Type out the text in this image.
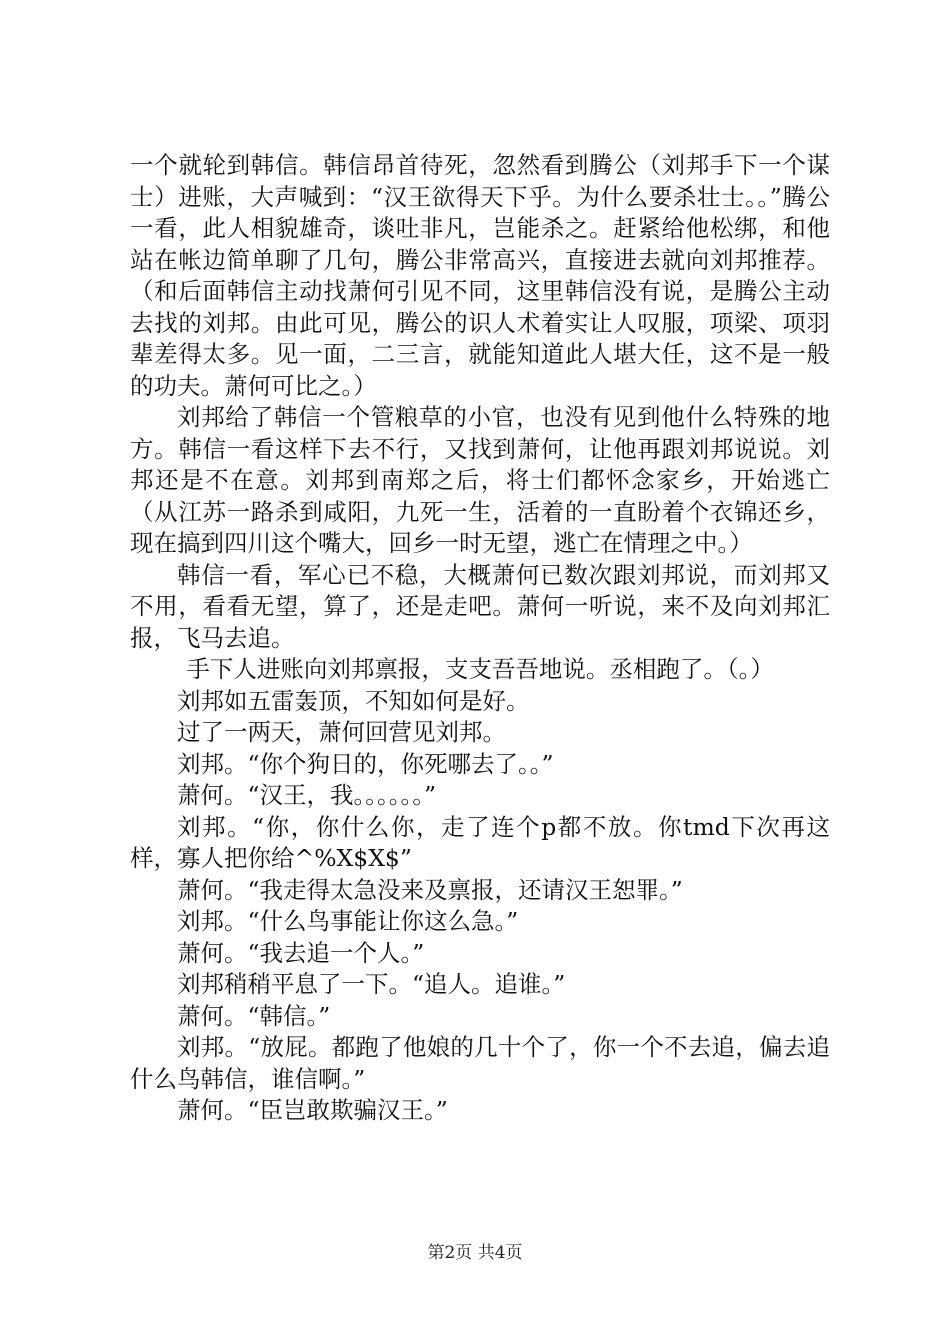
一个就轮到韩信。韩信昂首待死，忽然看到腾公（刘邦手下一个谋士）进账，大声喊到：“汉王欲得天下乎。为什么要杀壮士。。”腾公一看，此人相貌雄奇，谈吐非凡，岂能杀之。赶紧给他松绑，和他站在帐边简单聊了几句，腾公非常高兴，直接进去就向刘邦推荐。（和后面韩信主动找萧何引见不同，这里韩信没有说，是腾公主动去找的刘邦。由此可见，腾公的识人术着实让人叹服，项梁、项羽辈差得太多。见一面，二三言，就能知道此人堪大任，这不是一般的功夫。萧何可比之。）

刘邦给了韩信一个管粮草的小官，也没有见到他什么特殊的地方。韩信一看这样下去不行，又找到萧何，让他再跟刘邦说说。刘邦还是不在意。刘邦到南郑之后，将士们都怀念家乡，开始逃亡（从江苏一路杀到咸阳，九死一生，活着的一直盼着个衣锦还乡，现在搞到四川这个嘴大，回乡一时无望，逃亡在情理之中。）

韩信一看，军心已不稳，大概萧何已数次跟刘邦说，而刘邦又不用，看看无望，算了，还是走吧。萧何一听说，来不及向刘邦汇报，飞马去追。

手下人进账向刘邦禀报，支支吾吾地说。丞相跑了。（。）

刘邦如五雷轰顶，不知如何是好。

过了一两天，萧何回营见刘邦。

刘邦。“你个狗日的，你死哪去了。。”

萧何。“汉王，我。。。。。。”

刘邦。“你，你什么你，走了连个p都不放。你tmd下次再这样，寡人把你给^%X$X$”

萧何。“我走得太急没来及禀报，还请汉王恕罪。”

刘邦。“什么鸟事能让你这么急。”

萧何。“我去追一个人。”

刘邦稍稍平息了一下。“追人。追谁。”

萧何。“韩信。”

刘邦。“放屁。都跑了他娘的几十个了，你一个不去追，偏去追什么鸟韩信，谁信啊。”

萧何。“臣岂敢欺骗汉王。”

第2页 共4页
